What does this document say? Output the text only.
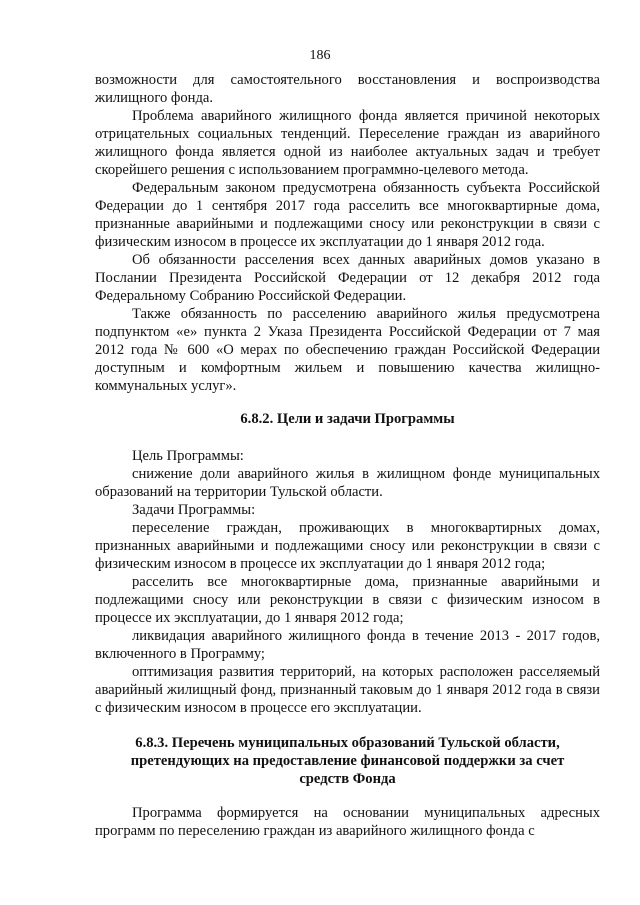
186

возможности для самостоятельного восстановления и воспроизводства жилищного фонда.

Проблема аварийного жилищного фонда является причиной некоторых отрицательных социальных тенденций. Переселение граждан из аварийного жилищного фонда является одной из наиболее актуальных задач и требует скорейшего решения с использованием программно-целевого метода.

Федеральным законом предусмотрена обязанность субъекта Российской Федерации до 1 сентября 2017 года расселить все многоквартирные дома, признанные аварийными и подлежащими сносу или реконструкции в связи с физическим износом в процессе их эксплуатации до 1 января 2012 года.

Об обязанности расселения всех данных аварийных домов указано в Послании Президента Российской Федерации от 12 декабря 2012 года Федеральному Собранию Российской Федерации.

Также обязанность по расселению аварийного жилья предусмотрена подпунктом «е» пункта 2 Указа Президента Российской Федерации от 7 мая 2012 года № 600 «О мерах по обеспечению граждан Российской Федерации доступным и комфортным жильем и повышению качества жилищно-коммунальных услуг».

6.8.2. Цели и задачи Программы

Цель Программы:

снижение доли аварийного жилья в жилищном фонде муниципальных образований на территории Тульской области.

Задачи Программы:

переселение граждан, проживающих в многоквартирных домах, признанных аварийными и подлежащими сносу или реконструкции в связи с физическим износом в процессе их эксплуатации до 1 января 2012 года;

расселить все многоквартирные дома, признанные аварийными и подлежащими сносу или реконструкции в связи с физическим износом в процессе их эксплуатации, до 1 января 2012 года;

ликвидация аварийного жилищного фонда в течение 2013 - 2017 годов, включенного в Программу;

оптимизация развития территорий, на которых расположен расселяемый аварийный жилищный фонд, признанный таковым до 1 января 2012 года в связи с физическим износом в процессе его эксплуатации.

6.8.3. Перечень муниципальных образований Тульской области,
претендующих на предоставление финансовой поддержки за счет
средств Фонда

Программа формируется на основании муниципальных адресных программ по переселению граждан из аварийного жилищного фонда с
